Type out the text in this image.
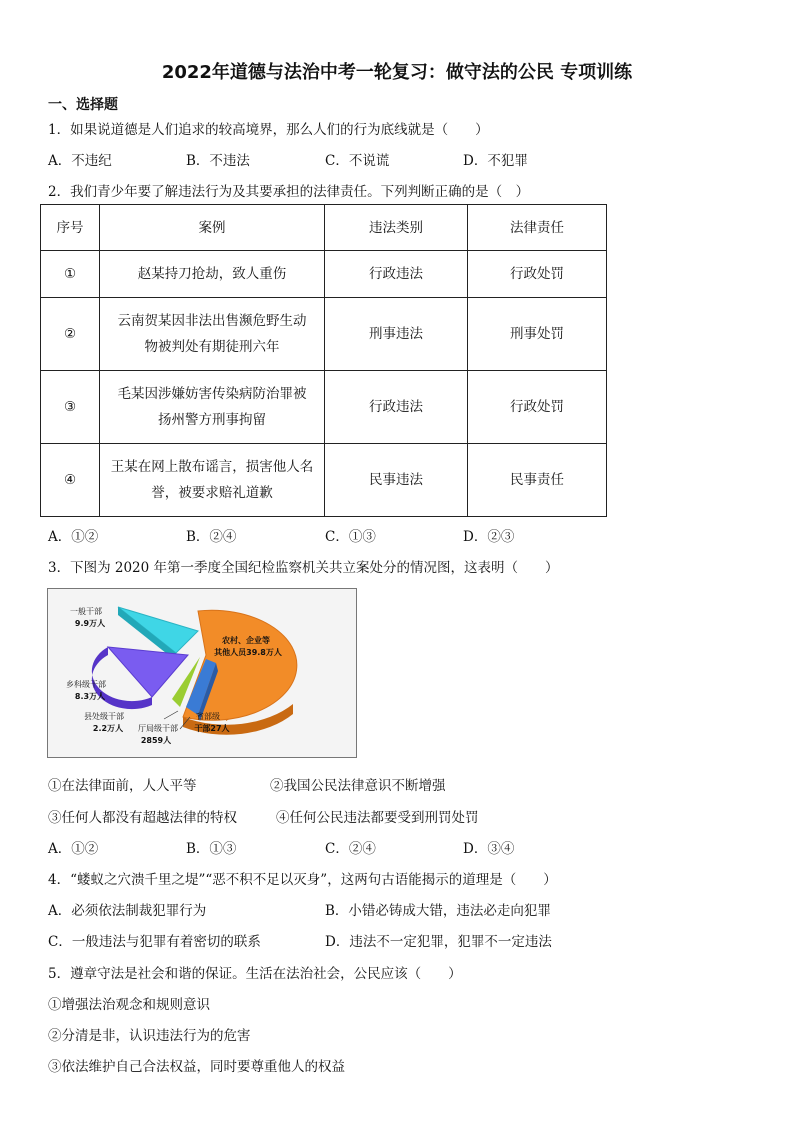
2022年道德与法治中考一轮复习：做守法的公民 专项训练
一、选择题
1．如果说道德是人们追求的较高境界，那么人们的行为底线就是（　　）
A．不违纪	B．不违法	C．不说谎	D．不犯罪
2．我们青少年要了解违法行为及其要承担的法律责任。下列判断正确的是（　）
序号	案例	违法类别	法律责任
①	赵某持刀抢劫，致人重伤	行政违法	行政处罚
②	云南贺某因非法出售濒危野生动
物被判处有期徒刑六年	刑事违法	刑事处罚
③	毛某因涉嫌妨害传染病防治罪被
扬州警方刑事拘留	行政违法	行政处罚
④	王某在网上散布谣言，损害他人名
誉，被要求赔礼道歉	民事违法	民事责任
A．①②	B．②④	C．①③	D．②③
3．下图为 2020 年第一季度全国纪检监察机关共立案处分的情况图，这表明（　　）
一般干部
9.9万人
农村、企业等
其他人员39.8万人
乡科级干部
8.3万人
县处级干部
2.2万人 厅局级干部
2859人
省部级
干部27人
①在法律面前，人人平等	②我国公民法律意识不断增强
③任何人都没有超越法律的特权	④任何公民违法都要受到刑罚处罚
A．①②	B．①③	C．②④	D．③④
4．“蝼蚁之穴溃千里之堤”“恶不积不足以灭身”，这两句古语能揭示的道理是（　　）
A．必须依法制裁犯罪行为	B．小错必铸成大错，违法必走向犯罪
C．一般违法与犯罪有着密切的联系	D．违法不一定犯罪，犯罪不一定违法
5．遵章守法是社会和谐的保证。生活在法治社会，公民应该（　　）
①增强法治观念和规则意识
②分清是非，认识违法行为的危害
③依法维护自己合法权益，同时要尊重他人的权益
